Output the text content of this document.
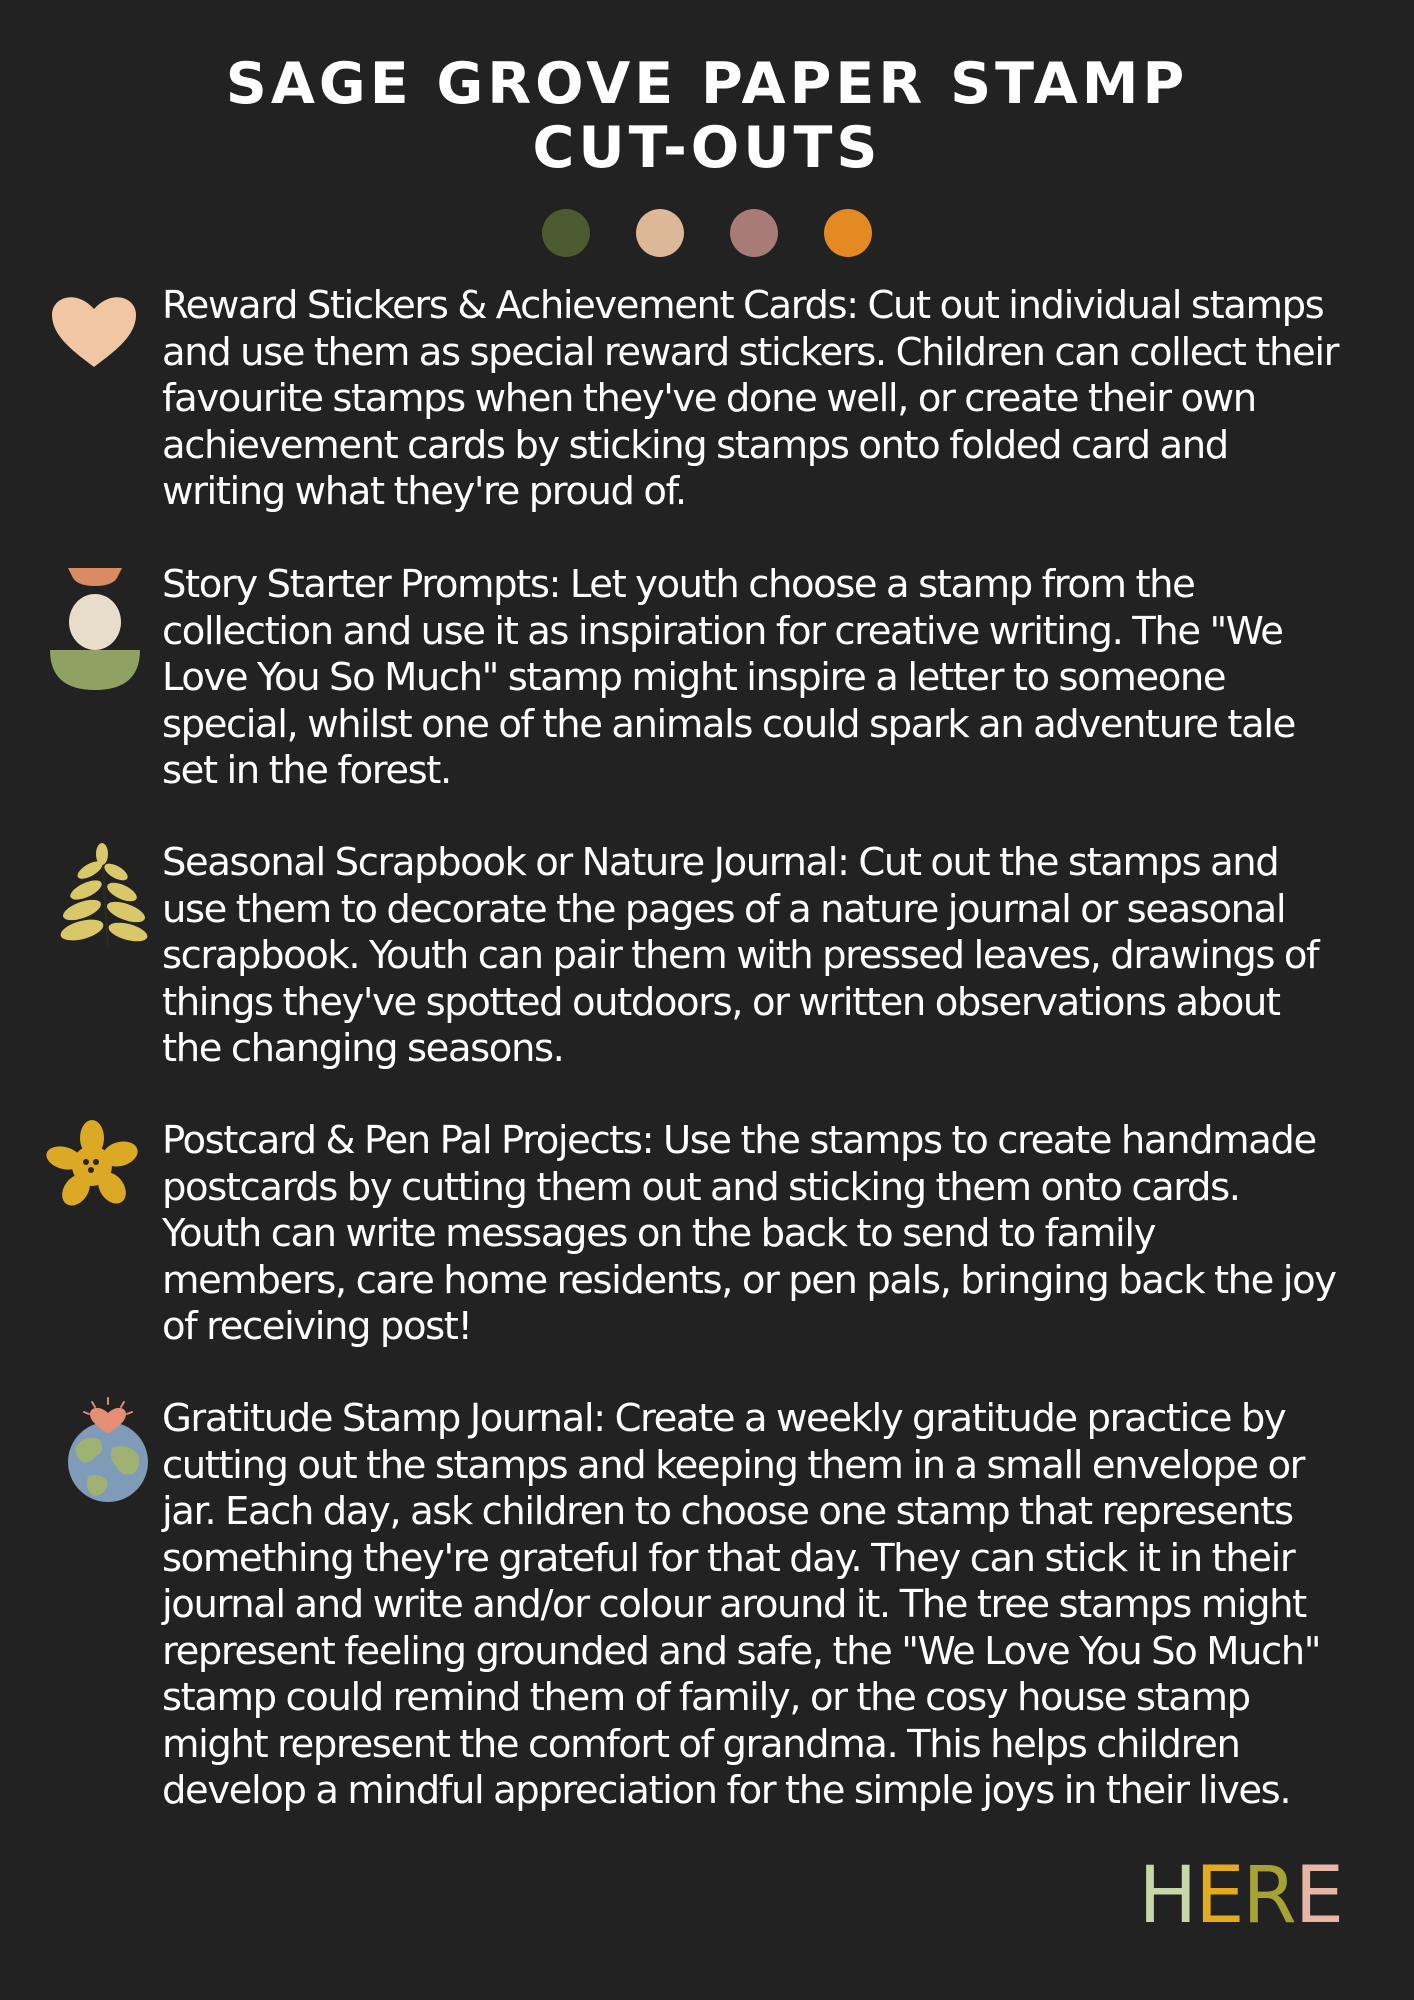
SAGE GROVE PAPER STAMP
CUT-OUTS
Reward Stickers & Achievement Cards: Cut out individual stamps and use them as special reward stickers. Children can collect their favourite stamps when they've done well, or create their own achievement cards by sticking stamps onto folded card and writing what they're proud of.
Story Starter Prompts: Let youth choose a stamp from the collection and use it as inspiration for creative writing. The "We Love You So Much" stamp might inspire a letter to someone special, whilst one of the animals could spark an adventure tale set in the forest.
Seasonal Scrapbook or Nature Journal: Cut out the stamps and use them to decorate the pages of a nature journal or seasonal scrapbook. Youth can pair them with pressed leaves, drawings of things they've spotted outdoors, or written observations about the changing seasons.
Postcard & Pen Pal Projects: Use the stamps to create handmade postcards by cutting them out and sticking them onto cards. Youth can write messages on the back to send to family members, care home residents, or pen pals, bringing back the joy of receiving post!
Gratitude Stamp Journal: Create a weekly gratitude practice by cutting out the stamps and keeping them in a small envelope or jar. Each day, ask children to choose one stamp that represents something they're grateful for that day. They can stick it in their journal and write and/or colour around it. The tree stamps might represent feeling grounded and safe, the "We Love You So Much" stamp could remind them of family, or the cosy house stamp might represent the comfort of grandma. This helps children develop a mindful appreciation for the simple joys in their lives.
HERE
